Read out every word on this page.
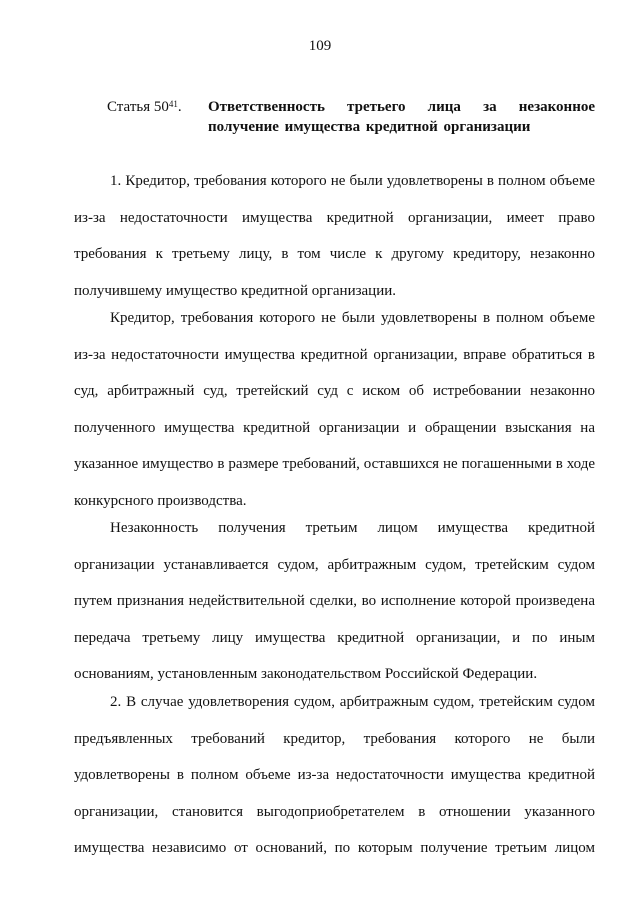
109
Статья $50^{41}$. Ответственность третьего лица за незаконное получение имущества кредитной организации

1. Кредитор, требования которого не были удовлетворены в полном объеме из-за недостаточности имущества кредитной организации, имеет право требования к третьему лицу, в том числе к другому кредитору, незаконно получившему имущество кредитной организации.

Кредитор, требования которого не были удовлетворены в полном объеме из-за недостаточности имущества кредитной организации, вправе обратиться в суд, арбитражный суд, третейский суд с иском об истребовании незаконно полученного имущества кредитной организации и обращении взыскания на указанное имущество в размере требований, оставшихся не погашенными в ходе конкурсного производства.

Незаконность получения третьим лицом имущества кредитной организации устанавливается судом, арбитражным судом, третейским судом путем признания недействительной сделки, во исполнение которой произведена передача третьему лицу имущества кредитной организации, и по иным основаниям, установленным законодательством Российской Федерации.

2. В случае удовлетворения судом, арбитражным судом, третейским судом предъявленных требований кредитор, требования которого не были удовлетворены в полном объеме из-за недостаточности имущества кредитной организации, становится выгодоприобретателем в отношении указанного имущества независимо от оснований, по которым получение третьим лицом
